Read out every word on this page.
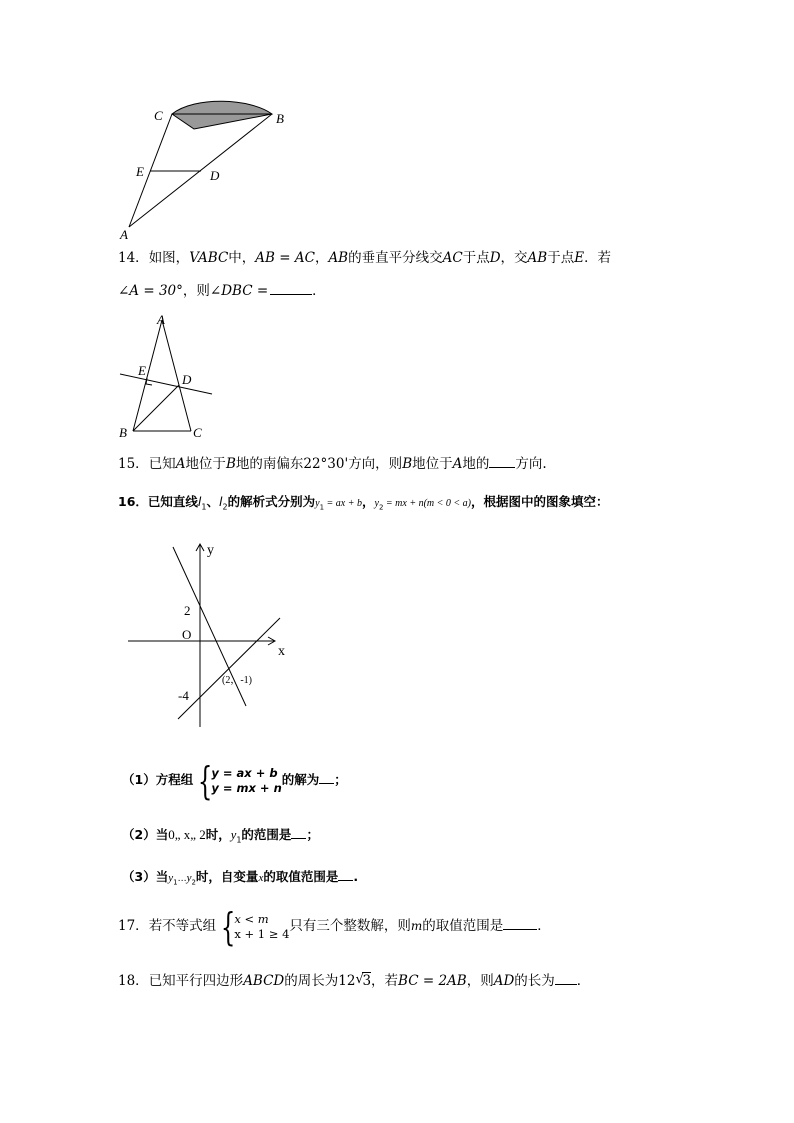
C	B
E	D
A
14．如图，VABC中，AB = AC，AB的垂直平分线交AC于点D，交AB于点E．若
∠A = 30°，则∠DBC =	．
A
E
D
B	C
15．已知A地位于B地的南偏东22°30'方向，则B地位于A地的 方向.
16．已知直线$l_1$、$l_2$的解析式分别为$y_1$ = ax + b，$y_2$ = mx + n(m < 0 < a)，根据图中的图象填空：
y
x
O
2
-4
(2，-1)
（1）方程组 {
y = ax + b
y = mx + n
的解为 ；
（2）当0„ x„ 2时，$y_1$的范围是 ；
（3）当$y_1\dots y_2$时，自变量x的取值范围是 .
17．若不等式组 {
x < m
x + 1 ≥ 4 只有三个整数解，则m的取值范围是	．
18．已知平行四边形ABCD的周长为12 √
3，若BC = 2AB，则AD的长为 ．
